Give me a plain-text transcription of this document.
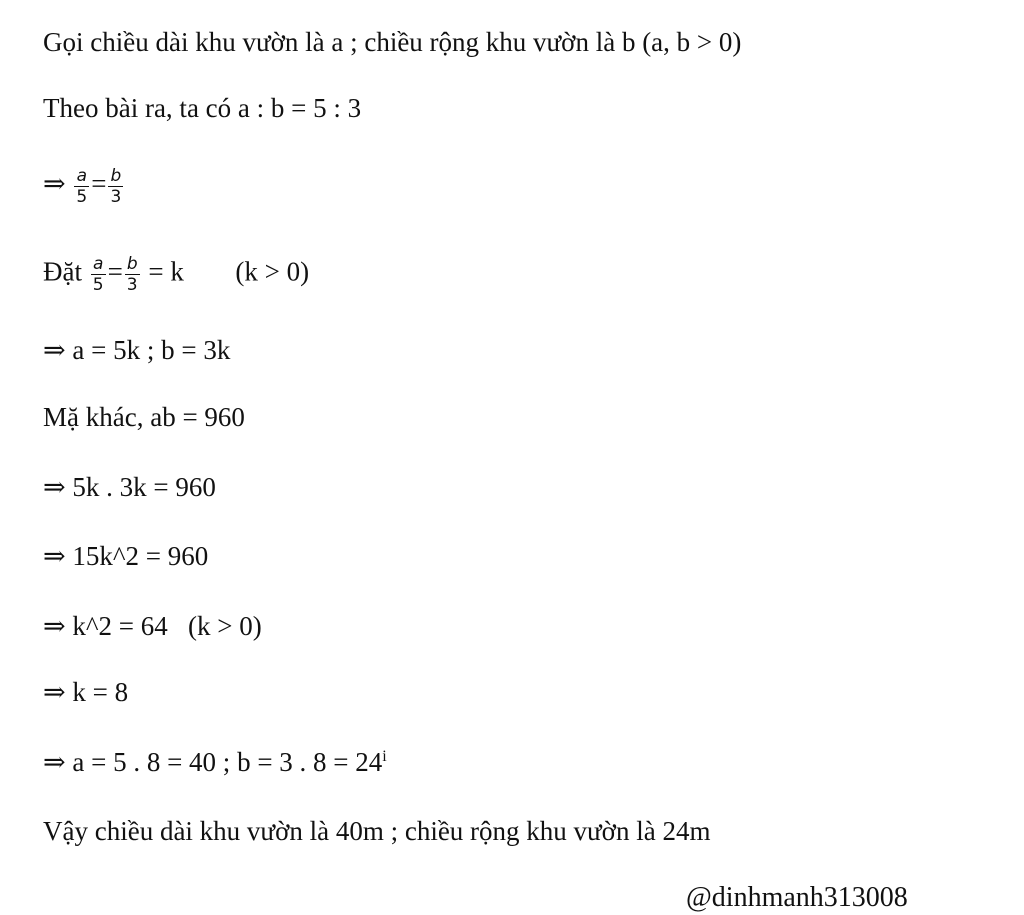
Gọi chiều dài khu vườn là a ; chiều rộng khu vườn là b (a, b > 0)
Theo bài ra, ta có a : b = 5 : 3
⇒ $\frac{a}{5} = \frac{b}{3}$
Đặt $\frac{a}{5} = \frac{b}{3} = k$ (k > 0)
⇒ a = 5k ; b = 3k
Mặ khác, ab = 960
⇒ 5k . 3k = 960
⇒ 15k^2 = 960
⇒ k^2 = 64   (k > 0)
⇒ k = 8
⇒ a = 5 . 8 = 40 ; b = 3 . $8 = 24^i$
Vậy chiều dài khu vườn là 40m ; chiều rộng khu vườn là 24m
@dinhmanh313008
